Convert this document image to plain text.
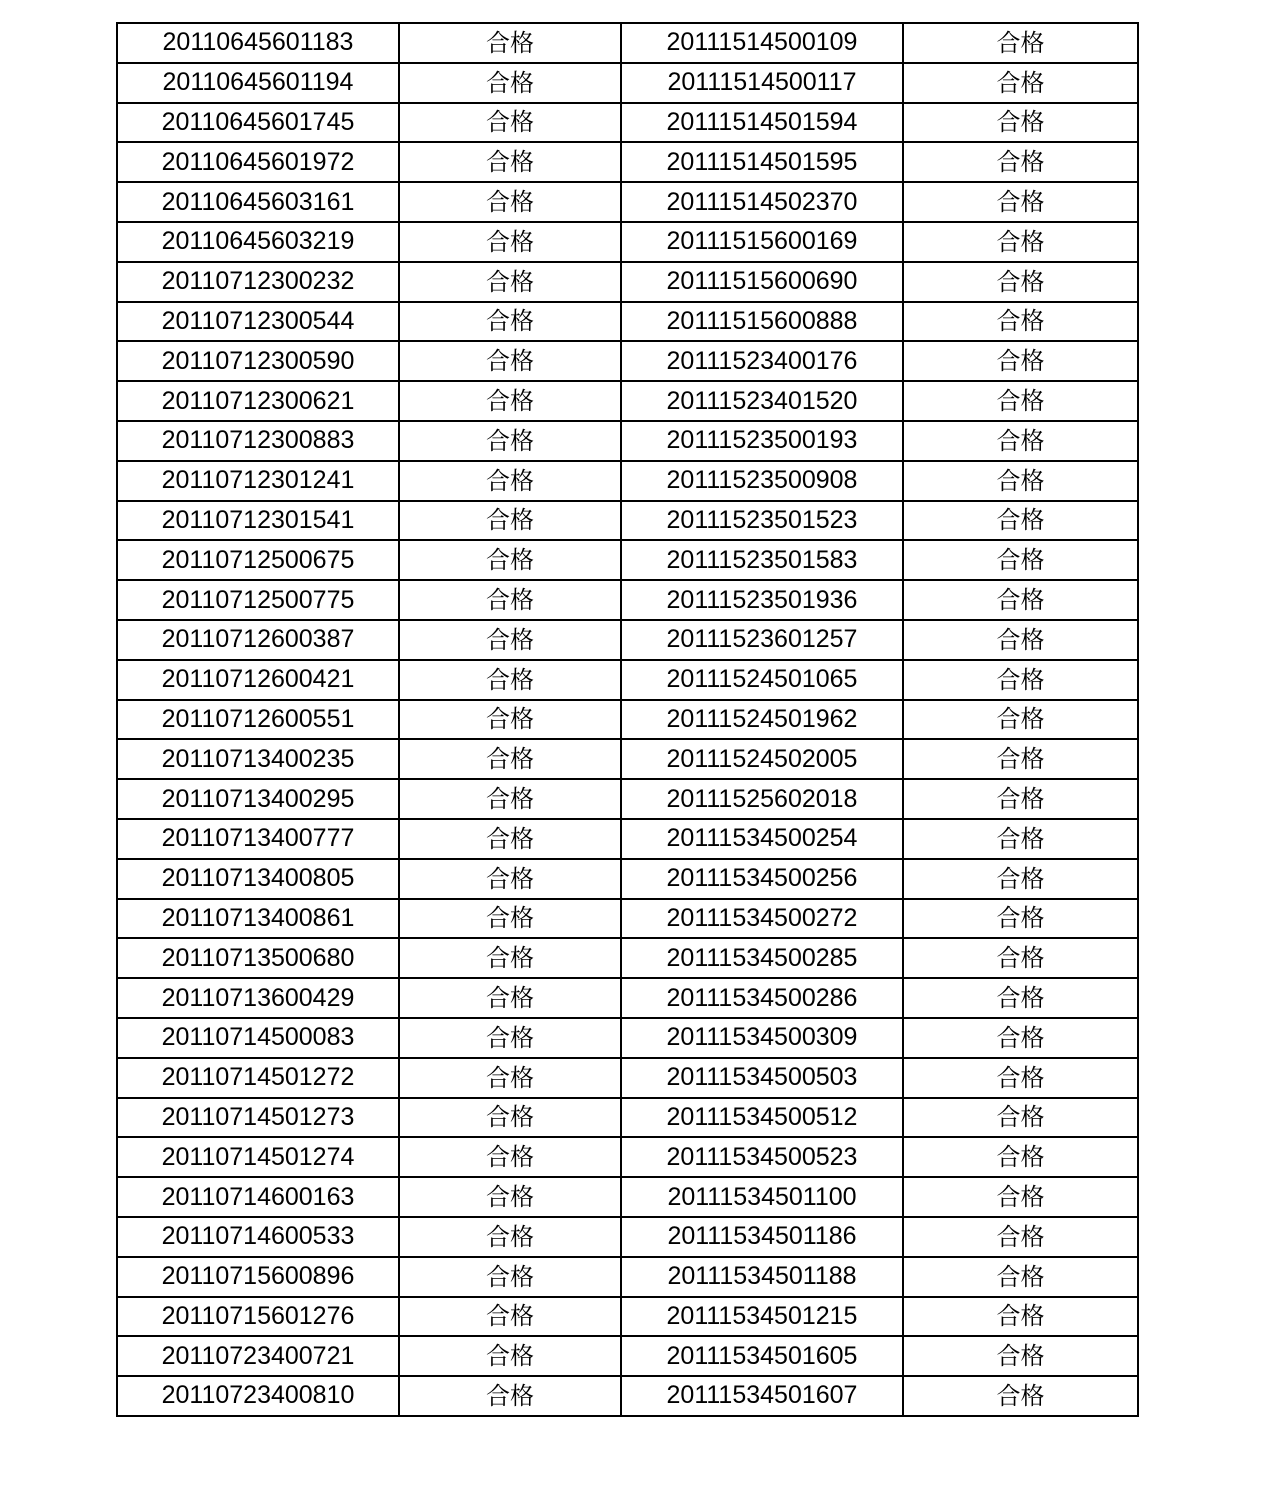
20110645601183	合格	20111514500109	合格
20110645601194	合格	20111514500117	合格
20110645601745	合格	20111514501594	合格
20110645601972	合格	20111514501595	合格
20110645603161	合格	20111514502370	合格
20110645603219	合格	20111515600169	合格
20110712300232	合格	20111515600690	合格
20110712300544	合格	20111515600888	合格
20110712300590	合格	20111523400176	合格
20110712300621	合格	20111523401520	合格
20110712300883	合格	20111523500193	合格
20110712301241	合格	20111523500908	合格
20110712301541	合格	20111523501523	合格
20110712500675	合格	20111523501583	合格
20110712500775	合格	20111523501936	合格
20110712600387	合格	20111523601257	合格
20110712600421	合格	20111524501065	合格
20110712600551	合格	20111524501962	合格
20110713400235	合格	20111524502005	合格
20110713400295	合格	20111525602018	合格
20110713400777	合格	20111534500254	合格
20110713400805	合格	20111534500256	合格
20110713400861	合格	20111534500272	合格
20110713500680	合格	20111534500285	合格
20110713600429	合格	20111534500286	合格
20110714500083	合格	20111534500309	合格
20110714501272	合格	20111534500503	合格
20110714501273	合格	20111534500512	合格
20110714501274	合格	20111534500523	合格
20110714600163	合格	20111534501100	合格
20110714600533	合格	20111534501186	合格
20110715600896	合格	20111534501188	合格
20110715601276	合格	20111534501215	合格
20110723400721	合格	20111534501605	合格
20110723400810	合格	20111534501607	合格
